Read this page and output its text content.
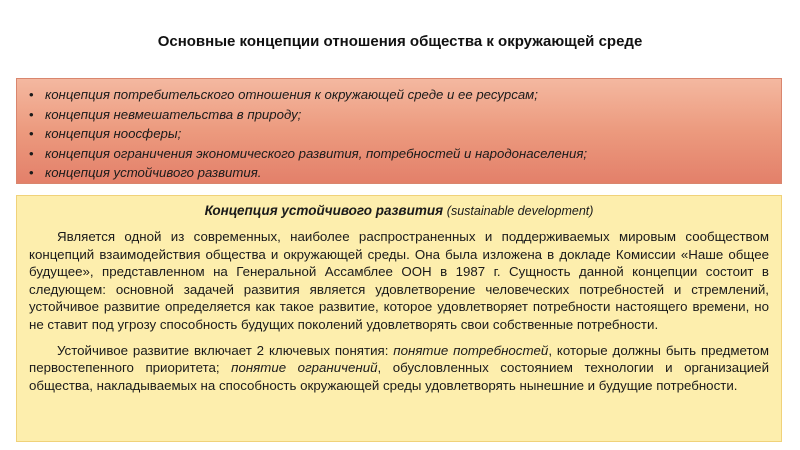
Основные концепции отношения общества к окружающей среде
• концепция потребительского отношения к окружающей среде и ее ресурсам;
• концепция невмешательства в природу;
• концепция ноосферы;
• концепция ограничения экономического развития, потребностей и народонаселения;
• концепция устойчивого развития.
Концепция устойчивого развития (sustainable development)

Является одной из современных, наиболее распространенных и поддерживаемых мировым сообществом концепций взаимодействия общества и окружающей среды. Она была изложена в докладе Комиссии «Наше общее будущее», представленном на Генеральной Ассамблее ООН в 1987 г. Сущность данной концепции состоит в следующем: основной задачей развития является удовлетворение человеческих потребностей и стремлений, устойчивое развитие определяется как такое развитие, которое удовлетворяет потребности настоящего времени, но не ставит под угрозу способность будущих поколений удовлетворять свои собственные потребности.

Устойчивое развитие включает 2 ключевых понятия: понятие потребностей, которые должны быть предметом первостепенного приоритета; понятие ограничений, обусловленных состоянием технологии и организацией общества, накладываемых на способность окружающей среды удовлетворять нынешние и будущие потребности.
